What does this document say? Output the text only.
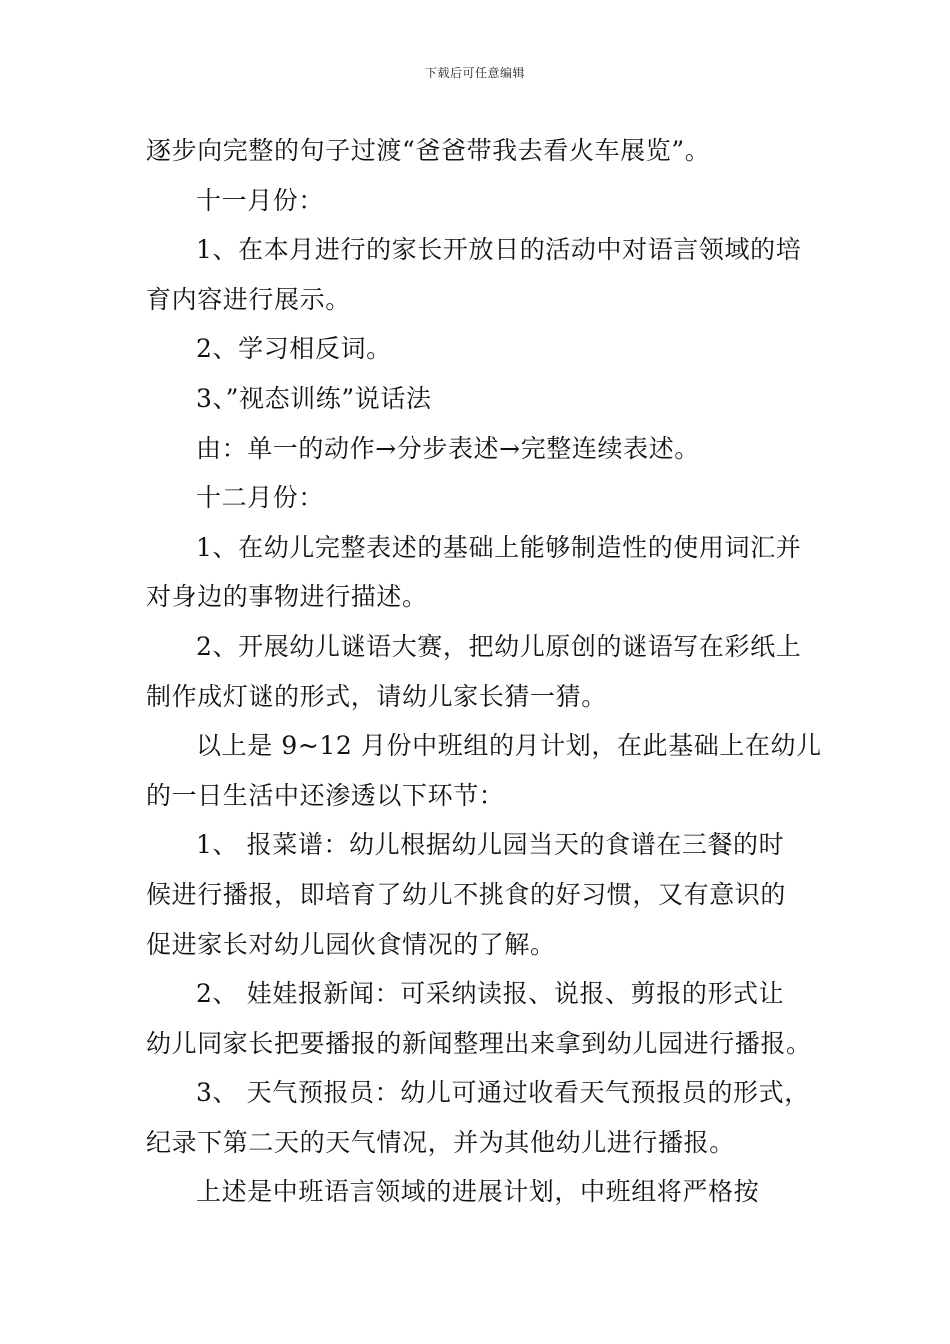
下载后可任意编辑
逐步向完整的句子过渡“爸爸带我去看火车展览”。
十一月份：
1、在本月进行的家长开放日的活动中对语言领域的培
育内容进行展示。
2、学习相反词。
3、”视态训练”说话法
由：单一的动作→分步表述→完整连续表述。
十二月份：
1、在幼儿完整表述的基础上能够制造性的使用词汇并
对身边的事物进行描述。
2、开展幼儿谜语大赛，把幼儿原创的谜语写在彩纸上
制作成灯谜的形式，请幼儿家长猜一猜。
以上是 9~12 月份中班组的月计划，在此基础上在幼儿
的一日生活中还渗透以下环节：
1、 报菜谱：幼儿根据幼儿园当天的食谱在三餐的时
候进行播报，即培育了幼儿不挑食的好习惯，又有意识的
促进家长对幼儿园伙食情况的了解。
2、 娃娃报新闻：可采纳读报、说报、剪报的形式让
幼儿同家长把要播报的新闻整理出来拿到幼儿园进行播报。
3、 天气预报员：幼儿可通过收看天气预报员的形式，
纪录下第二天的天气情况，并为其他幼儿进行播报。
上述是中班语言领域的进展计划，中班组将严格按
